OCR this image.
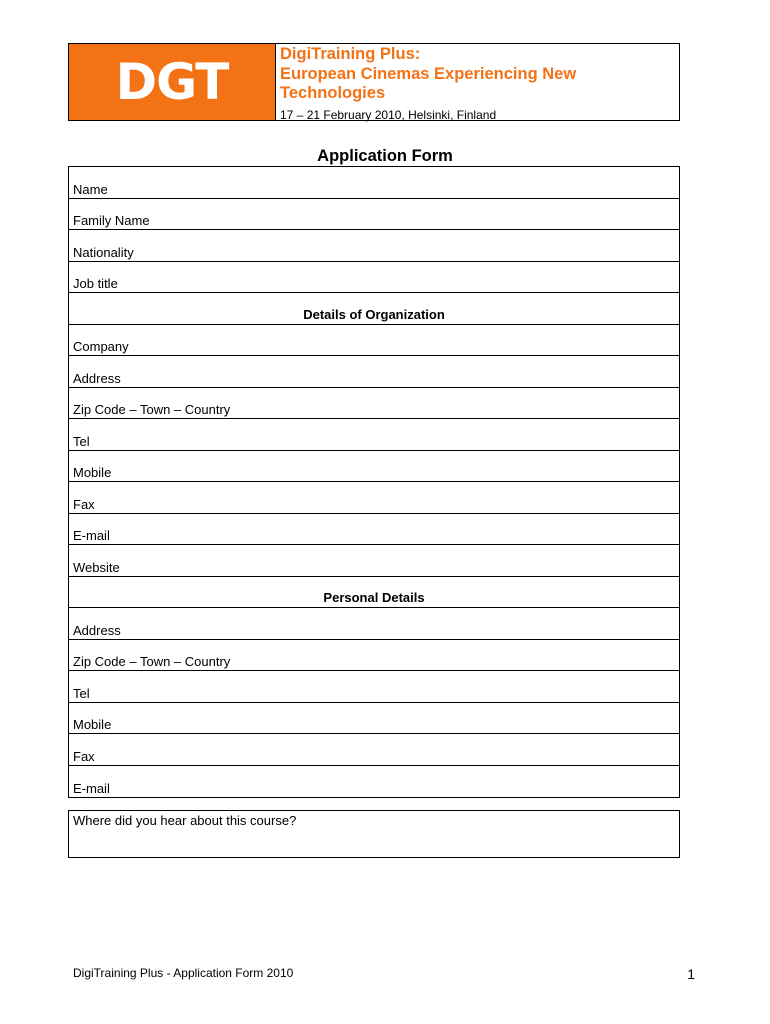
DGT	DigiTraining Plus:

European Cinemas Experiencing New

Technologies

17 – 21 February 2010, Helsinki, Finland
Application Form
Name
Family Name
Nationality
Job title
Details of Organization
Company
Address
Zip Code – Town – Country
Tel
Mobile
Fax
E-mail
Website
Personal Details
Address
Zip Code – Town – Country
Tel
Mobile
Fax
E-mail
Where did you hear about this course?
DigiTraining Plus - Application Form 2010	1
